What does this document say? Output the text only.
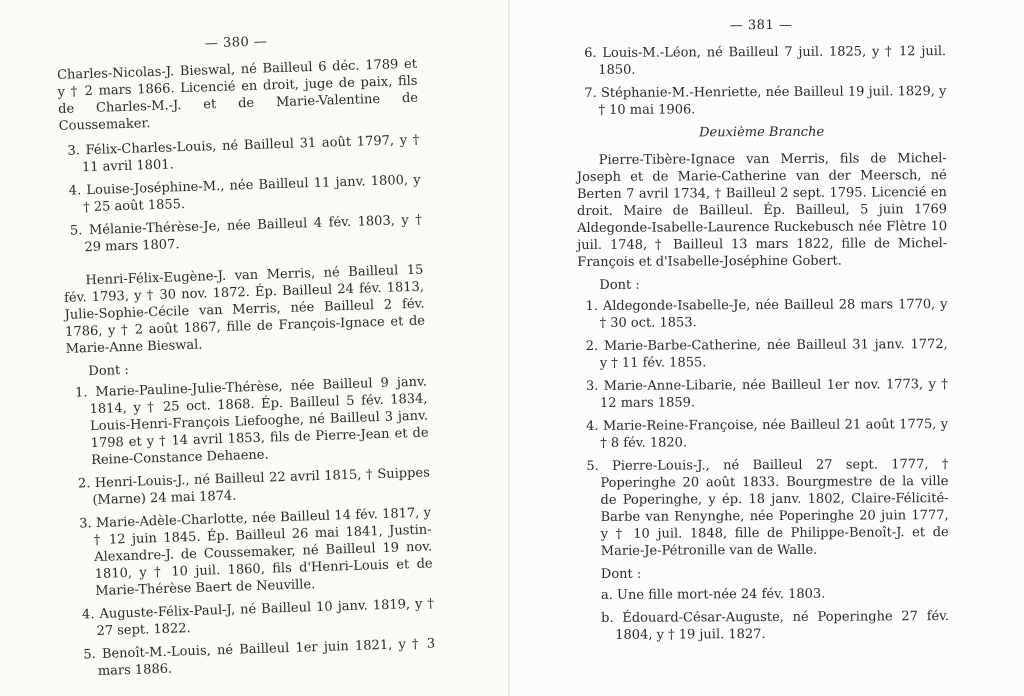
— 380 —

Charles-Nicolas-J. Bieswal, né Bailleul 6 déc. 1789 et y † 2 mars 1866. Licencié en droit, juge de paix, fils de Charles-M.-J. et de Marie-Valentine de Coussemaker.

3. Félix-Charles-Louis, né Bailleul 31 août 1797, y † 11 avril 1801.

4. Louise-Joséphine-M., née Bailleul 11 janv. 1800, y † 25 août 1855.

5. Mélanie-Thérèse-Je, née Bailleul 4 fév. 1803, y † 29 mars 1807.

Henri-Félix-Eugène-J. van Merris, né Bailleul 15 fév. 1793, y † 30 nov. 1872. Ép. Bailleul 24 fév. 1813, Julie-Sophie-Cécile van Merris, née Bailleul 2 fév. 1786, y † 2 août 1867, fille de François-Ignace et de Marie-Anne Bieswal.

Dont :

1. Marie-Pauline-Julie-Thérèse, née Bailleul 9 janv. 1814, y † 25 oct. 1868. Ép. Bailleul 5 fév. 1834, Louis-Henri-François Liefooghe, né Bailleul 3 janv. 1798 et y † 14 avril 1853, fils de Pierre-Jean et de Reine-Constance Dehaene.

2. Henri-Louis-J., né Bailleul 22 avril 1815, † Suippes (Marne) 24 mai 1874.

3. Marie-Adèle-Charlotte, née Bailleul 14 fév. 1817, y † 12 juin 1845. Ép. Bailleul 26 mai 1841, Justin-Alexandre-J. de Coussemaker, né Bailleul 19 nov. 1810, y † 10 juil. 1860, fils d'Henri-Louis et de Marie-Thérèse Baert de Neuville.

4. Auguste-Félix-Paul-J, né Bailleul 10 janv. 1819, y † 27 sept. 1822.

5. Benoît-M.-Louis, né Bailleul 1er juin 1821, y † 3 mars 1886.

— 381 —

6. Louis-M.-Léon, né Bailleul 7 juil. 1825, y † 12 juil. 1850.

7. Stéphanie-M.-Henriette, née Bailleul 19 juil. 1829, y † 10 mai 1906.

Deuxième Branche

Pierre-Tibère-Ignace van Merris, fils de Michel-Joseph et de Marie-Catherine van der Meersch, né Berten 7 avril 1734, † Bailleul 2 sept. 1795. Licencié en droit. Maire de Bailleul. Ép. Bailleul, 5 juin 1769 Aldegonde-Isabelle-Laurence Ruckebusch née Flètre 10 juil. 1748, † Bailleul 13 mars 1822, fille de Michel-François et d'Isabelle-Joséphine Gobert.

Dont :

1. Aldegonde-Isabelle-Je, née Bailleul 28 mars 1770, y † 30 oct. 1853.

2. Marie-Barbe-Catherine, née Bailleul 31 janv. 1772, y † 11 fév. 1855.

3. Marie-Anne-Libarie, née Bailleul 1er nov. 1773, y † 12 mars 1859.

4. Marie-Reine-Françoise, née Bailleul 21 août 1775, y † 8 fév. 1820.

5. Pierre-Louis-J., né Bailleul 27 sept. 1777, † Poperinghe 20 août 1833. Bourgmestre de la ville de Poperinghe, y ép. 18 janv. 1802, Claire-Félicité-Barbe van Renynghe, née Poperinghe 20 juin 1777, y † 10 juil. 1848, fille de Philippe-Benoît-J. et de Marie-Je-Pétronille van de Walle.

Dont :

a. Une fille mort-née 24 fév. 1803.

b. Édouard-César-Auguste, né Poperinghe 27 fév. 1804, y † 19 juil. 1827.
